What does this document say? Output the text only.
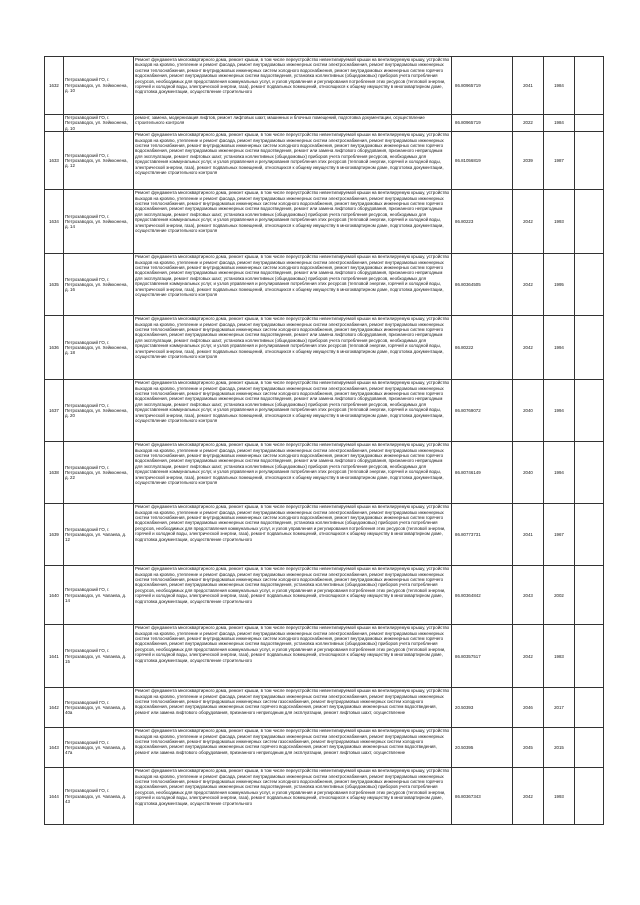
1632	Петрозаводский ГО, г. Петрозаводск, ул. Хейкконена, д. 10	Ремонт фундамента многоквартирного дома, ремонт крыши, в том числе переустройство невентилируемой крыши на вентилируемую крышу, устройство выходов на кровлю, утепление и ремонт фасада, ремонт внутридомовых инженерных систем электроснабжения, ремонт внутридомовых инженерных систем теплоснабжения, ремонт внутридомовых инженерных систем холодного водоснабжения, ремонт внутридомовых инженерных систем горячего водоснабжения, ремонт внутридомовых инженерных систем водоотведения, установка коллективных (общедомовых) приборов учета потребления ресурсов, необходимых для предоставления коммунальных услуг, и узлов управления и регулирования потребления этих ресурсов (тепловой энергии, горячей и холодной воды, электрической энергии, газа), ремонт подвальных помещений, относящихся к общему имуществу в многоквартирном доме, подготовка документации, осуществление строительного	86.80965719	2041	1984	
	Петрозаводский ГО, г. Петрозаводск, ул. Хейкконена, д. 10	ремонт, замена, модернизация лифтов, ремонт лифтовых шахт, машинных и блочных помещений, подготовка документации, осуществление строительного контроля	86.80965719	2022	1984	
1633	Петрозаводский ГО, г. Петрозаводск, ул. Хейкконена, д. 12	Ремонт фундамента многоквартирного дома, ремонт крыши, в том числе переустройство невентилируемой крыши на вентилируемую крышу, устройство выходов на кровлю, утепление и ремонт фасада, ремонт внутридомовых инженерных систем электроснабжения, ремонт внутридомовых инженерных систем теплоснабжения, ремонт внутридомовых инженерных систем холодного водоснабжения, ремонт внутридомовых инженерных систем горячего водоснабжения, ремонт внутридомовых инженерных систем водоотведения, ремонт или замена лифтового оборудования, признанного непригодным для эксплуатации, ремонт лифтовых шахт, установка коллективных (общедомовых) приборов учета потребления ресурсов, необходимых для предоставления коммунальных услуг, и узлов управления и регулирования потребления этих ресурсов (тепловой энергии, горячей и холодной воды, электрической энергии, газа), ремонт подвальных помещений, относящихся к общему имуществу в многоквартирном доме, подготовка документации, осуществление строительного контроля	86.81056819	2039	1987	
1634	Петрозаводский ГО, г. Петрозаводск, ул. Хейкконена, д. 14	Ремонт фундамента многоквартирного дома, ремонт крыши, в том числе переустройство невентилируемой крыши на вентилируемую крышу, устройство выходов на кровлю, утепление и ремонт фасада, ремонт внутридомовых инженерных систем электроснабжения, ремонт внутридомовых инженерных систем теплоснабжения, ремонт внутридомовых инженерных систем холодного водоснабжения, ремонт внутридомовых инженерных систем горячего водоснабжения, ремонт внутридомовых инженерных систем водоотведения, ремонт или замена лифтового оборудования, признанного непригодным для эксплуатации, ремонт лифтовых шахт, установка коллективных (общедомовых) приборов учета потребления ресурсов, необходимых для предоставления коммунальных услуг, и узлов управления и регулирования потребления этих ресурсов (тепловой энергии, горячей и холодной воды, электрической энергии, газа), ремонт подвальных помещений, относящихся к общему имуществу в многоквартирном доме, подготовка документации, осуществление строительного контроля	86.80223	2042	1993	
1635	Петрозаводский ГО, г. Петрозаводск, ул. Хейкконена, д. 16	Ремонт фундамента многоквартирного дома, ремонт крыши, в том числе переустройство невентилируемой крыши на вентилируемую крышу, устройство выходов на кровлю, утепление и ремонт фасада, ремонт внутридомовых инженерных систем электроснабжения, ремонт внутридомовых инженерных систем теплоснабжения, ремонт внутридомовых инженерных систем холодного водоснабжения, ремонт внутридомовых инженерных систем горячего водоснабжения, ремонт внутридомовых инженерных систем водоотведения, ремонт или замена лифтового оборудования, признанного непригодным для эксплуатации, ремонт лифтовых шахт, установка коллективных (общедомовых) приборов учета потребления ресурсов, необходимых для предоставления коммунальных услуг, и узлов управления и регулирования потребления этих ресурсов (тепловой энергии, горячей и холодной воды, электрической энергии, газа), ремонт подвальных помещений, относящихся к общему имуществу в многоквартирном доме, подготовка документации, осуществление строительного контроля	86.80364505	2042	1995	
1636	Петрозаводский ГО, г. Петрозаводск, ул. Хейкконена, д. 18	Ремонт фундамента многоквартирного дома, ремонт крыши, в том числе переустройство невентилируемой крыши на вентилируемую крышу, устройство выходов на кровлю, утепление и ремонт фасада, ремонт внутридомовых инженерных систем электроснабжения, ремонт внутридомовых инженерных систем теплоснабжения, ремонт внутридомовых инженерных систем холодного водоснабжения, ремонт внутридомовых инженерных систем горячего водоснабжения, ремонт внутридомовых инженерных систем водоотведения, ремонт или замена лифтового оборудования, признанного непригодным для эксплуатации, ремонт лифтовых шахт, установка коллективных (общедомовых) приборов учета потребления ресурсов, необходимых для предоставления коммунальных услуг, и узлов управления и регулирования потребления этих ресурсов (тепловой энергии, горячей и холодной воды, электрической энергии, газа), ремонт подвальных помещений, относящихся к общему имуществу в многоквартирном доме, подготовка документации, осуществление строительного контроля	86.80222	2042	1994	
1637	Петрозаводский ГО, г. Петрозаводск, ул. Хейкконена, д. 20	Ремонт фундамента многоквартирного дома, ремонт крыши, в том числе переустройство невентилируемой крыши на вентилируемую крышу, устройство выходов на кровлю, утепление и ремонт фасада, ремонт внутридомовых инженерных систем электроснабжения, ремонт внутридомовых инженерных систем теплоснабжения, ремонт внутридомовых инженерных систем холодного водоснабжения, ремонт внутридомовых инженерных систем горячего водоснабжения, ремонт внутридомовых инженерных систем водоотведения, ремонт или замена лифтового оборудования, признанного непригодным для эксплуатации, ремонт лифтовых шахт, установка коллективных (общедомовых) приборов учета потребления ресурсов, необходимых для предоставления коммунальных услуг, и узлов управления и регулирования потребления этих ресурсов (тепловой энергии, горячей и холодной воды, электрической энергии, газа), ремонт подвальных помещений, относящихся к общему имуществу в многоквартирном доме, подготовка документации, осуществление строительного контроля	86.80769072	2040	1994	
1638	Петрозаводский ГО, г. Петрозаводск, ул. Хейкконена, д. 22	Ремонт фундамента многоквартирного дома, ремонт крыши, в том числе переустройство невентилируемой крыши на вентилируемую крышу, устройство выходов на кровлю, утепление и ремонт фасада, ремонт внутридомовых инженерных систем электроснабжения, ремонт внутридомовых инженерных систем теплоснабжения, ремонт внутридомовых инженерных систем холодного водоснабжения, ремонт внутридомовых инженерных систем горячего водоснабжения, ремонт внутридомовых инженерных систем водоотведения, ремонт или замена лифтового оборудования, признанного непригодным для эксплуатации, ремонт лифтовых шахт, установка коллективных (общедомовых) приборов учета потребления ресурсов, необходимых для предоставления коммунальных услуг, и узлов управления и регулирования потребления этих ресурсов (тепловой энергии, горячей и холодной воды, электрической энергии, газа), ремонт подвальных помещений, относящихся к общему имуществу в многоквартирном доме, подготовка документации, осуществление строительного контроля	86.80746149	2040	1994	
1639	Петрозаводский ГО, г. Петрозаводск, ул. Чапаева, д. 12	Ремонт фундамента многоквартирного дома, ремонт крыши, в том числе переустройство невентилируемой крыши на вентилируемую крышу, устройство выходов на кровлю, утепление и ремонт фасада, ремонт внутридомовых инженерных систем электроснабжения, ремонт внутридомовых инженерных систем теплоснабжения, ремонт внутридомовых инженерных систем холодного водоснабжения, ремонт внутридомовых инженерных систем горячего водоснабжения, ремонт внутридомовых инженерных систем водоотведения, установка коллективных (общедомовых) приборов учета потребления ресурсов, необходимых для предоставления коммунальных услуг, и узлов управления и регулирования потребления этих ресурсов (тепловой энергии, горячей и холодной воды, электрической энергии, газа), ремонт подвальных помещений, относящихся к общему имуществу в многоквартирном доме, подготовка документации, осуществление строительного	86.80773731	2041	1967	
1640	Петрозаводский ГО, г. Петрозаводск, ул. Чапаева, д. 14	Ремонт фундамента многоквартирного дома, ремонт крыши, в том числе переустройство невентилируемой крыши на вентилируемую крышу, устройство выходов на кровлю, утепление и ремонт фасада, ремонт внутридомовых инженерных систем электроснабжения, ремонт внутридомовых инженерных систем теплоснабжения, ремонт внутридомовых инженерных систем холодного водоснабжения, ремонт внутридомовых инженерных систем горячего водоснабжения, ремонт внутридомовых инженерных систем водоотведения, установка коллективных (общедомовых) приборов учета потребления ресурсов, необходимых для предоставления коммунальных услуг, и узлов управления и регулирования потребления этих ресурсов (тепловой энергии, горячей и холодной воды, электрической энергии, газа), ремонт подвальных помещений, относящихся к общему имуществу в многоквартирном доме, подготовка документации, осуществление строительного	86.80364842	2043	2002	
1641	Петрозаводский ГО, г. Петрозаводск, ул. Чапаева, д. 15	Ремонт фундамента многоквартирного дома, ремонт крыши, в том числе переустройство невентилируемой крыши на вентилируемую крышу, устройство выходов на кровлю, утепление и ремонт фасада, ремонт внутридомовых инженерных систем электроснабжения, ремонт внутридомовых инженерных систем теплоснабжения, ремонт внутридомовых инженерных систем холодного водоснабжения, ремонт внутридомовых инженерных систем горячего водоснабжения, ремонт внутридомовых инженерных систем водоотведения, установка коллективных (общедомовых) приборов учета потребления ресурсов, необходимых для предоставления коммунальных услуг, и узлов управления и регулирования потребления этих ресурсов (тепловой энергии, горячей и холодной воды, электрической энергии, газа), ремонт подвальных помещений, относящихся к общему имуществу в многоквартирном доме, подготовка документации, осуществление строительного	86.80357517	2042	1983	
1642	Петрозаводский ГО, г. Петрозаводск, ул. Чапаева, д. 40а	Ремонт фундамента многоквартирного дома, ремонт крыши, в том числе переустройство невентилируемой крыши на вентилируемую крышу, устройство выходов на кровлю, утепление и ремонт фасада, ремонт внутридомовых инженерных систем электроснабжения, ремонт внутридомовых инженерных систем теплоснабжения, ремонт внутридомовых инженерных систем газоснабжения, ремонт внутридомовых инженерных систем холодного водоснабжения, ремонт внутридомовых инженерных систем горячего водоснабжения, ремонт внутридомовых инженерных систем водоотведения, ремонт или замена лифтового оборудования, признанного непригодным для эксплуатации, ремонт лифтовых шахт, осуществление	20.50393	2046	2017	
1643	Петрозаводский ГО, г. Петрозаводск, ул. Чапаева, д. 47а	Ремонт фундамента многоквартирного дома, ремонт крыши, в том числе переустройство невентилируемой крыши на вентилируемую крышу, устройство выходов на кровлю, утепление и ремонт фасада, ремонт внутридомовых инженерных систем электроснабжения, ремонт внутридомовых инженерных систем теплоснабжения, ремонт внутридомовых инженерных систем газоснабжения, ремонт внутридомовых инженерных систем холодного водоснабжения, ремонт внутридомовых инженерных систем горячего водоснабжения, ремонт внутридомовых инженерных систем водоотведения, ремонт или замена лифтового оборудования, признанного непригодным для эксплуатации, ремонт лифтовых шахт, осуществление	20.50395	2045	2015	
1644	Петрозаводский ГО, г. Петрозаводск, ул. Чапаева, д. 43	Ремонт фундамента многоквартирного дома, ремонт крыши, в том числе переустройство невентилируемой крыши на вентилируемую крышу, устройство выходов на кровлю, утепление и ремонт фасада, ремонт внутридомовых инженерных систем электроснабжения, ремонт внутридомовых инженерных систем теплоснабжения, ремонт внутридомовых инженерных систем холодного водоснабжения, ремонт внутридомовых инженерных систем горячего водоснабжения, ремонт внутридомовых инженерных систем водоотведения, установка коллективных (общедомовых) приборов учета потребления ресурсов, необходимых для предоставления коммунальных услуг, и узлов управления и регулирования потребления этих ресурсов (тепловой энергии, горячей и холодной воды, электрической энергии, газа), ремонт подвальных помещений, относящихся к общему имуществу в многоквартирном доме, подготовка документации, осуществление строительного	86.80367343	2042	1993	
